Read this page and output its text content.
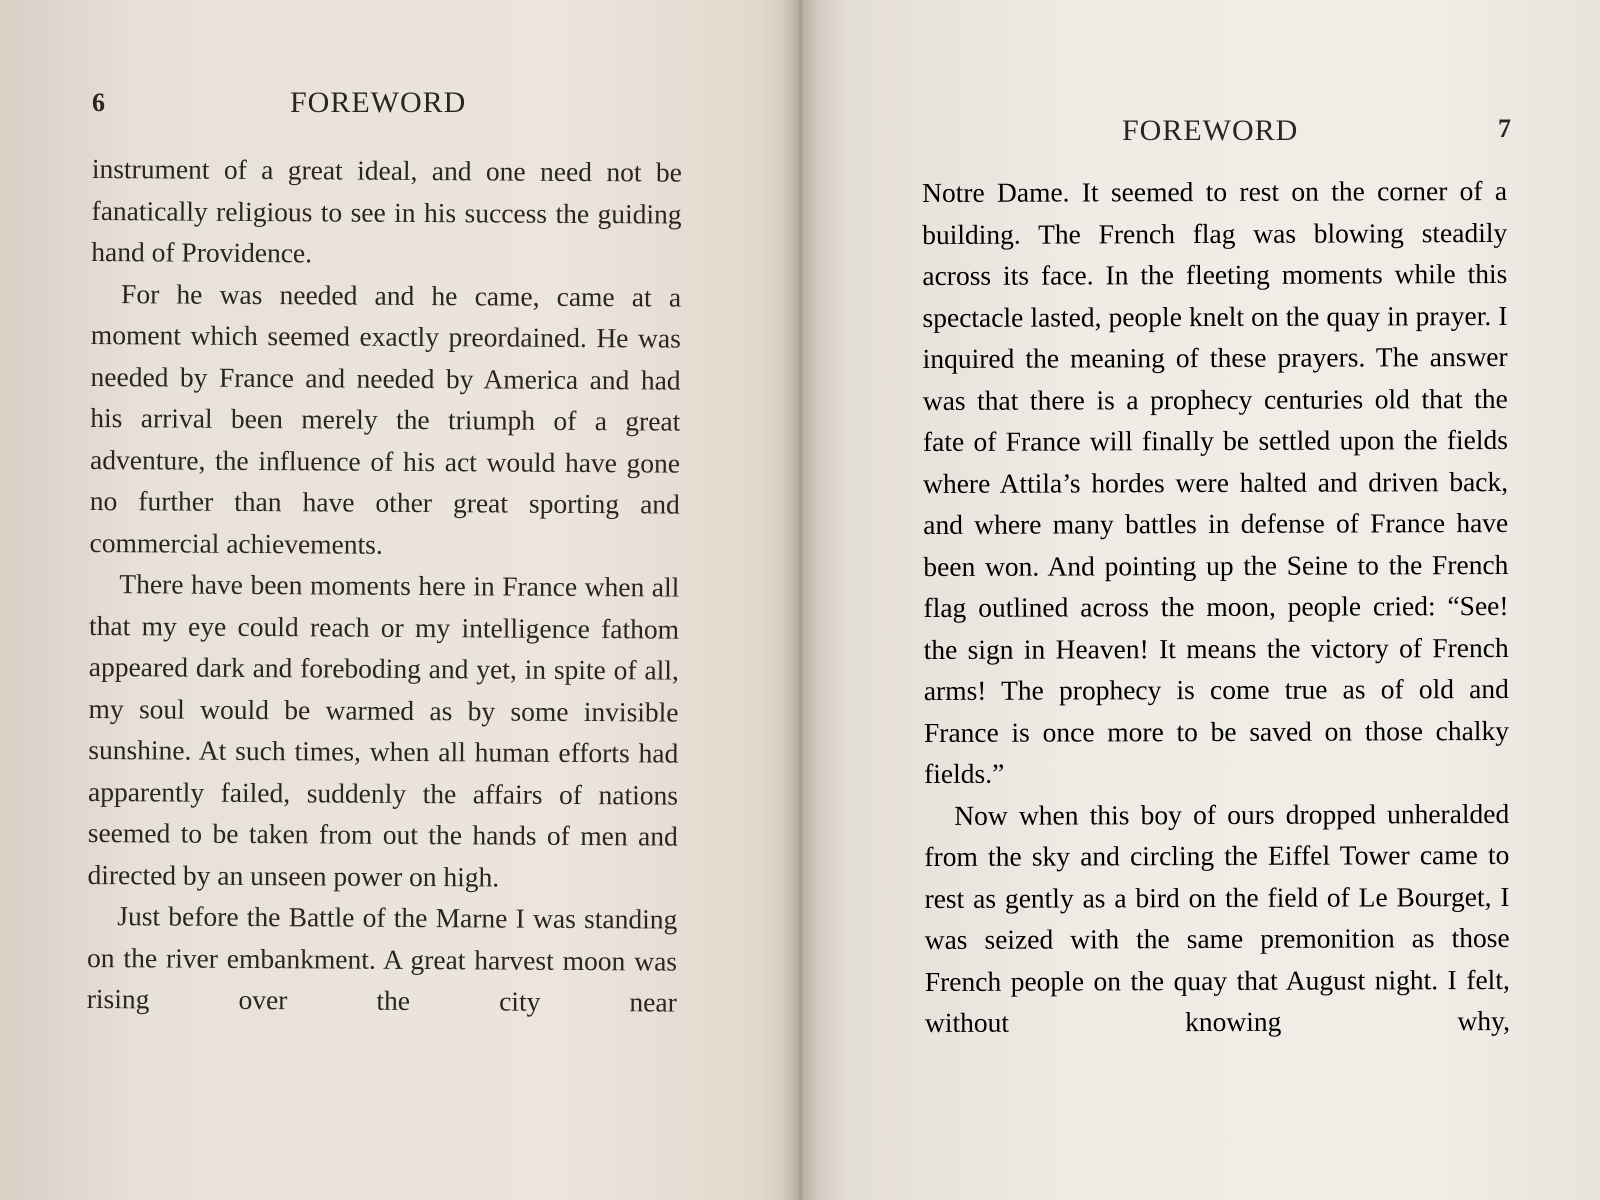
6	FOREWORD

instrument of a great ideal, and one need not be fanatically religious to see in his success the guiding hand of Providence.

For he was needed and he came, came at a moment which seemed exactly preordained. He was needed by France and needed by America and had his arrival been merely the triumph of a great adventure, the influence of his act would have gone no further than have other great sporting and commercial achievements.

There have been moments here in France when all that my eye could reach or my intelligence fathom appeared dark and foreboding and yet, in spite of all, my soul would be warmed as by some invisible sunshine. At such times, when all human efforts had apparently failed, suddenly the affairs of nations seemed to be taken from out the hands of men and directed by an unseen power on high.

Just before the Battle of the Marne I was standing on the river embankment. A great harvest moon was rising over the city near

FOREWORD	7

Notre Dame. It seemed to rest on the corner of a building. The French flag was blowing steadily across its face. In the fleeting moments while this spectacle lasted, people knelt on the quay in prayer. I inquired the meaning of these prayers. The answer was that there is a prophecy centuries old that the fate of France will finally be settled upon the fields where Attila’s hordes were halted and driven back, and where many battles in defense of France have been won. And pointing up the Seine to the French flag outlined across the moon, people cried: “See! the sign in Heaven! It means the victory of French arms! The prophecy is come true as of old and France is once more to be saved on those chalky fields.”

Now when this boy of ours dropped unheralded from the sky and circling the Eiffel Tower came to rest as gently as a bird on the field of Le Bourget, I was seized with the same premonition as those French people on the quay that August night. I felt, without knowing why,
